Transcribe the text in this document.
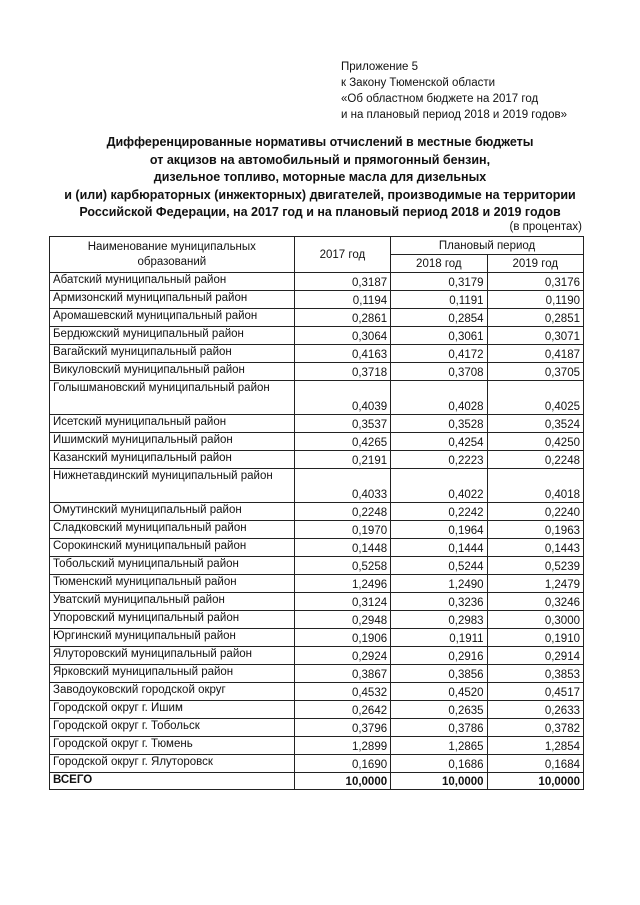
Приложение 5
к Закону Тюменской области
«Об областном бюджете на 2017 год
и на плановый период 2018 и 2019 годов»
Дифференцированные нормативы отчислений в местные бюджеты
от акцизов на автомобильный и прямогонный бензин,
дизельное топливо, моторные масла для дизельных
и (или) карбюраторных (инжекторных) двигателей, производимые на территории
Российской Федерации, на 2017 год и на плановый период 2018 и 2019 годов
(в процентах)
Наименование муниципальных образований	2017 год	Плановый период	
		2018 год	2019 год
Абатский муниципальный район	0,3187	0,3179	0,3176
Армизонский муниципальный район	0,1194	0,1191	0,1190
Аромашевский муниципальный район	0,2861	0,2854	0,2851
Бердюжский муниципальный район	0,3064	0,3061	0,3071
Вагайский муниципальный район	0,4163	0,4172	0,4187
Викуловский муниципальный район	0,3718	0,3708	0,3705
Голышмановский муниципальный район	0,4039	0,4028	0,4025
Исетский муниципальный район	0,3537	0,3528	0,3524
Ишимский муниципальный район	0,4265	0,4254	0,4250
Казанский муниципальный район	0,2191	0,2223	0,2248
Нижнетавдинский муниципальный район	0,4033	0,4022	0,4018
Омутинский муниципальный район	0,2248	0,2242	0,2240
Сладковский муниципальный район	0,1970	0,1964	0,1963
Сорокинский муниципальный район	0,1448	0,1444	0,1443
Тобольский муниципальный район	0,5258	0,5244	0,5239
Тюменский муниципальный район	1,2496	1,2490	1,2479
Уватский муниципальный район	0,3124	0,3236	0,3246
Упоровский муниципальный район	0,2948	0,2983	0,3000
Юргинский муниципальный район	0,1906	0,1911	0,1910
Ялуторовский муниципальный район	0,2924	0,2916	0,2914
Ярковский муниципальный район	0,3867	0,3856	0,3853
Заводоуковский городской округ	0,4532	0,4520	0,4517
Городской округ г. Ишим	0,2642	0,2635	0,2633
Городской округ г. Тобольск	0,3796	0,3786	0,3782
Городской округ г. Тюмень	1,2899	1,2865	1,2854
Городской округ г. Ялуторовск	0,1690	0,1686	0,1684
ВСЕГО	10,0000	10,0000	10,0000
